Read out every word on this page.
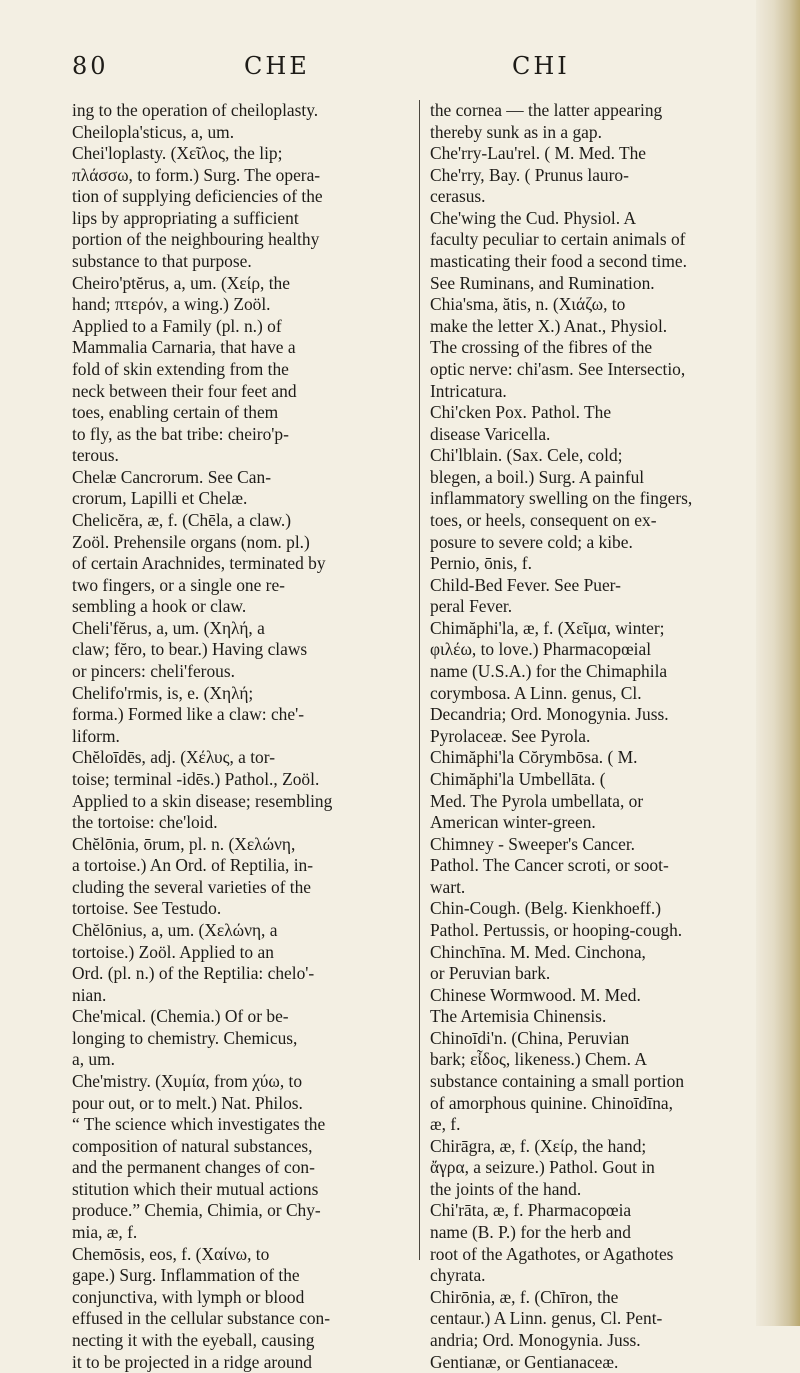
80	CHE	CHI
ing to the operation of cheiloplasty.
Cheilopla'sticus, a, um.
Chei'loplasty. (Χεῖλος, the lip;
πλάσσω, to form.) Surg. The opera-
tion of supplying deficiencies of the
lips by appropriating a sufficient
portion of the neighbouring healthy
substance to that purpose.
Cheiro'ptĕrus, a, um. (Χείρ, the
hand; πτερόν, a wing.) Zoöl.
Applied to a Family (pl. n.) of
Mammalia Carnaria, that have a
fold of skin extending from the
neck between their four feet and
toes, enabling certain of them
to fly, as the bat tribe: cheiro'p-
terous.
Chelæ Cancrorum. See Can-
crorum, Lapilli et Chelæ.
Chelicĕra, æ, f. (Chēla, a claw.)
Zoöl. Prehensile organs (nom. pl.)
of certain Arachnides, terminated by
two fingers, or a single one re-
sembling a hook or claw.
Cheli'fĕrus, a, um. (Χηλή, a
claw; fĕro, to bear.) Having claws
or pincers: cheli'ferous.
Chelifo'rmis, is, e. (Χηλή;
forma.) Formed like a claw: che'-
liform.
Chĕloīdēs, adj. (Χέλυς, a tor-
toise; terminal -idēs.) Pathol., Zoöl.
Applied to a skin disease; resembling
the tortoise: che'loid.
Chĕlōnia, ōrum, pl. n. (Χελώνη,
a tortoise.) An Ord. of Reptilia, in-
cluding the several varieties of the
tortoise. See Testudo.
Chĕlōnius, a, um. (Χελώνη, a
tortoise.) Zoöl. Applied to an
Ord. (pl. n.) of the Reptilia: chelo'-
nian.
Che'mical. (Chemia.) Of or be-
longing to chemistry. Chemicus,
a, um.
Che'mistry. (Χυμία, from χύω, to
pour out, or to melt.) Nat. Philos.
“ The science which investigates the
composition of natural substances,
and the permanent changes of con-
stitution which their mutual actions
produce.” Chemia, Chimia, or Chy-
mia, æ, f.
Chemōsis, eos, f. (Χαίνω, to
gape.) Surg. Inflammation of the
conjunctiva, with lymph or blood
effused in the cellular substance con-
necting it with the eyeball, causing
it to be projected in a ridge around
the cornea — the latter appearing
thereby sunk as in a gap.
Che'rry-Lau'rel. ( M. Med. The
Che'rry, Bay. ( Prunus lauro-
cerasus.
Che'wing the Cud. Physiol. A
faculty peculiar to certain animals of
masticating their food a second time.
See Ruminans, and Rumination.
Chia'sma, ătis, n. (Χιάζω, to
make the letter X.) Anat., Physiol.
The crossing of the fibres of the
optic nerve: chi'asm. See Intersectio,
Intricatura.
Chi'cken Pox. Pathol. The
disease Varicella.
Chi'lblain. (Sax. Cele, cold;
blegen, a boil.) Surg. A painful
inflammatory swelling on the fingers,
toes, or heels, consequent on ex-
posure to severe cold; a kibe.
Pernio, ōnis, f.
Child-Bed Fever. See Puer-
peral Fever.
Chimăphi'la, æ, f. (Χεῖμα, winter;
φιλέω, to love.) Pharmacopœial
name (U.S.A.) for the Chimaphila
corymbosa. A Linn. genus, Cl.
Decandria; Ord. Monogynia. Juss.
Pyrolaceæ. See Pyrola.
Chimăphi'la Cŏrymbōsa. ( M.
Chimăphi'la Umbellāta. (
Med. The Pyrola umbellata, or
American winter-green.
Chimney - Sweeper's Cancer.
Pathol. The Cancer scroti, or soot-
wart.
Chin-Cough. (Belg. Kienkhoeff.)
Pathol. Pertussis, or hooping-cough.
Chinchīna. M. Med. Cinchona,
or Peruvian bark.
Chinese Wormwood. M. Med.
The Artemisia Chinensis.
Chinoīdi'n. (China, Peruvian
bark; εἶδος, likeness.) Chem. A
substance containing a small portion
of amorphous quinine. Chinoīdīna,
æ, f.
Chirāgra, æ, f. (Χείρ, the hand;
ἄγρα, a seizure.) Pathol. Gout in
the joints of the hand.
Chi'rāta, æ, f. Pharmacopœia
name (B. P.) for the herb and
root of the Agathotes, or Agathotes
chyrata.
Chirōnia, æ, f. (Chīron, the
centaur.) A Linn. genus, Cl. Pent-
andria; Ord. Monogynia. Juss.
Gentianæ, or Gentianaceæ.
